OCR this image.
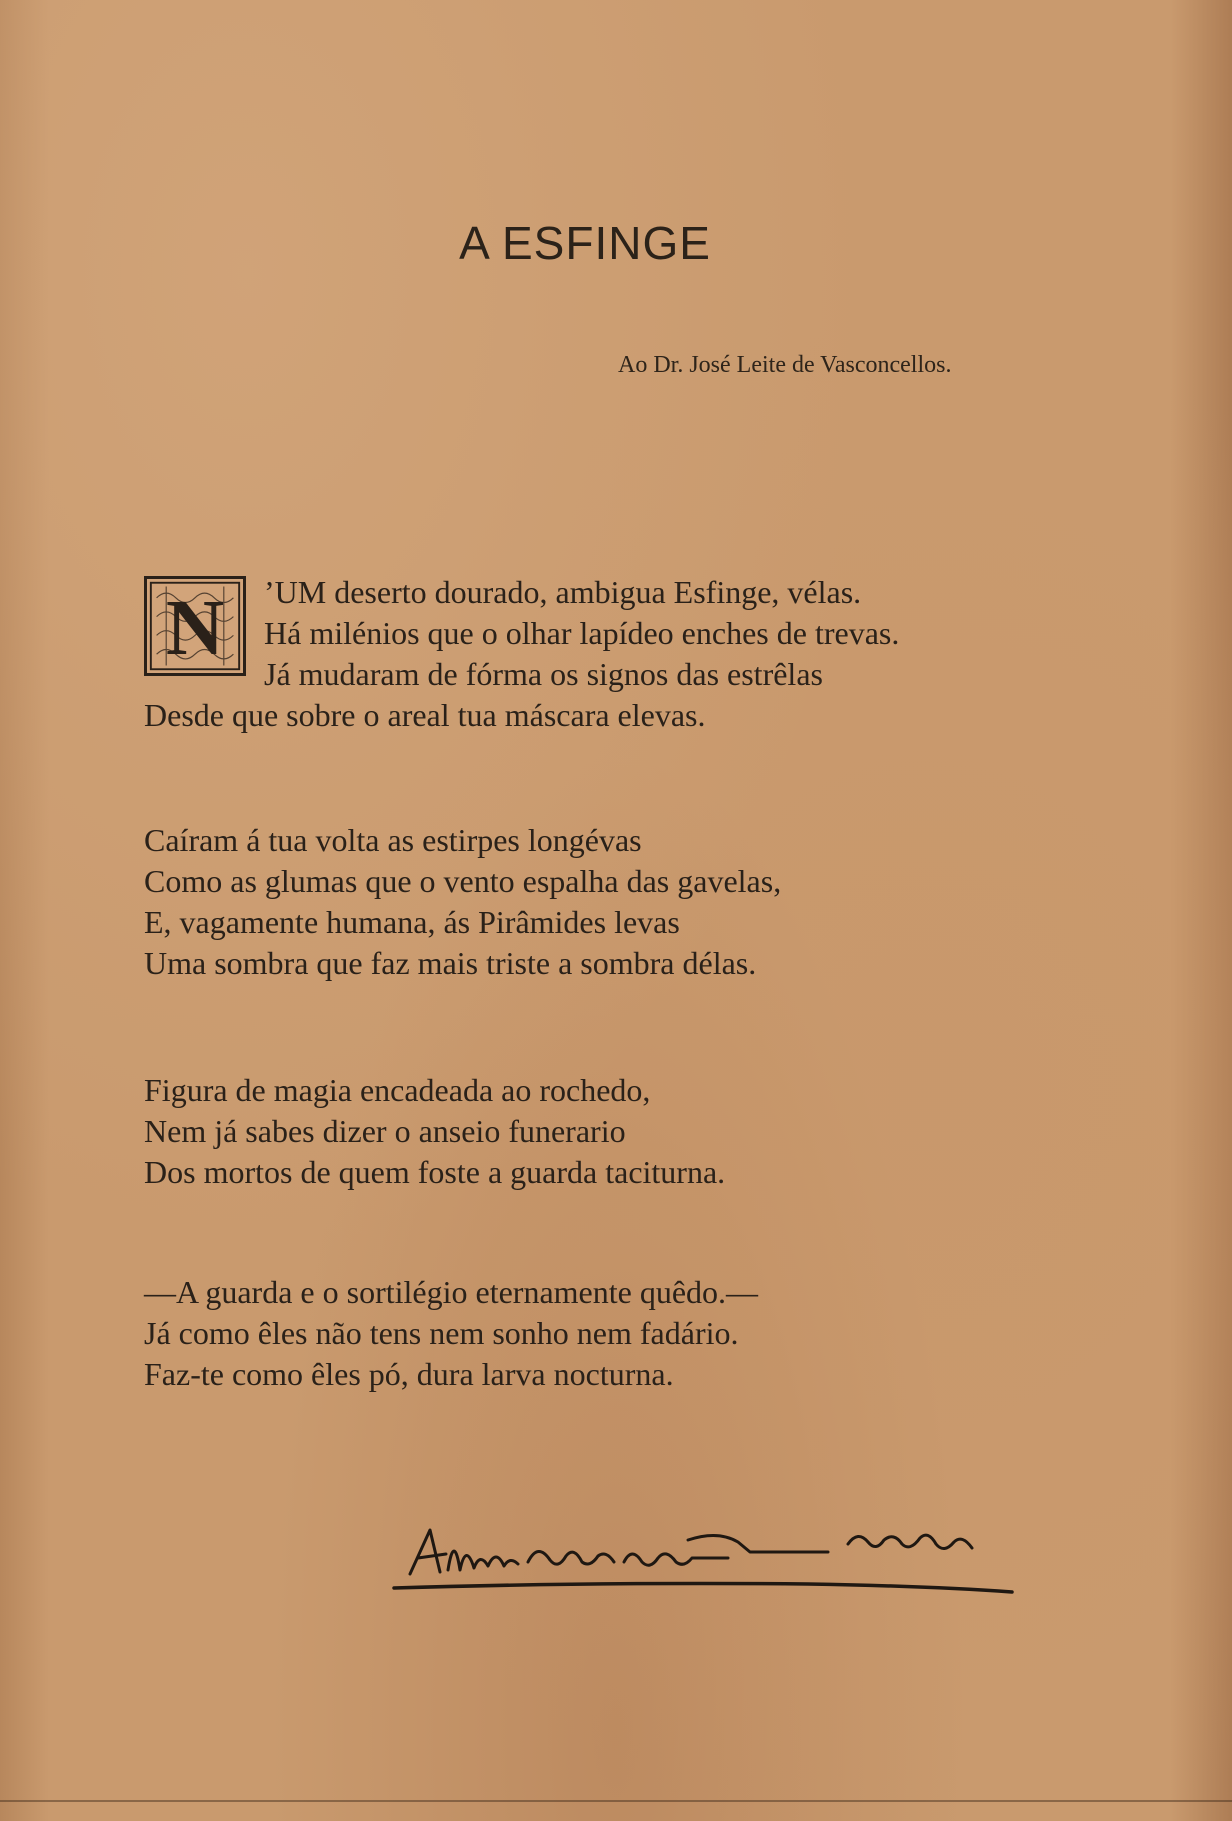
A ESFINGE
Ao Dr. José Leite de Vasconcellos.
N	’UM deserto dourado, ambigua Esfinge, vélas.
Há milénios que o olhar lapídeo enches de trevas.
Já mudaram de fórma os signos das estrêlas
Desde que sobre o areal tua máscara elevas.
Caíram á tua volta as estirpes longévas
Como as glumas que o vento espalha das gavelas,
E, vagamente humana, ás Pirâmides levas
Uma sombra que faz mais triste a sombra délas.
Figura de magia encadeada ao rochedo,
Nem já sabes dizer o anseio funerario
Dos mortos de quem foste a guarda taciturna.
—A guarda e o sortilégio eternamente quêdo.—
Já como êles não tens nem sonho nem fadário.
Faz-te como êles pó, dura larva nocturna.
